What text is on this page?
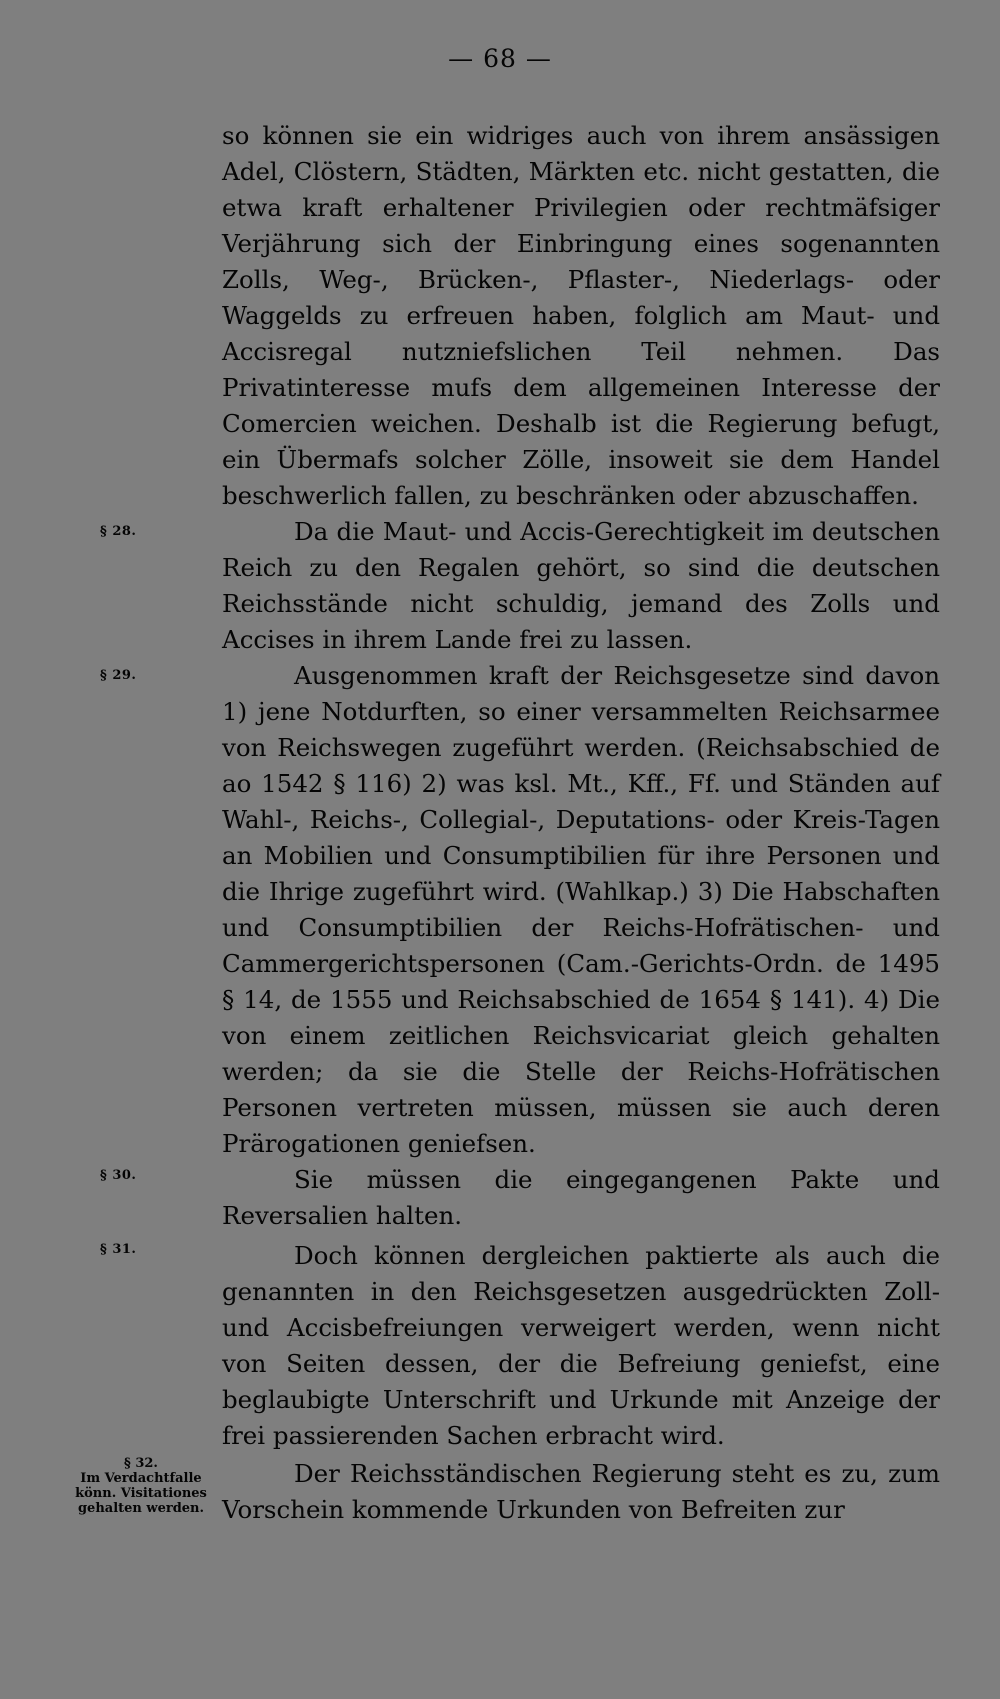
— 68 —

so können sie ein widriges auch von ihrem ansässigen Adel, Clöstern, Städten, Märkten etc. nicht gestatten, die etwa kraft erhaltener Privilegien oder rechtmäfsiger Verjährung sich der Einbringung eines sogenannten Zolls, Weg-, Brücken-, Pflaster-, Niederlags- oder Waggelds zu erfreuen haben, folglich am Maut- und Accisregal nutzniefslichen Teil nehmen. Das Privatinteresse mufs dem allgemeinen Interesse der Comercien weichen. Deshalb ist die Regierung befugt, ein Übermafs solcher Zölle, insoweit sie dem Handel beschwerlich fallen, zu beschränken oder abzuschaffen.

§ 28.	Da die Maut- und Accis-Gerechtigkeit im deutschen Reich zu den Regalen gehört, so sind die deutschen Reichsstände nicht schuldig, jemand des Zolls und Accises in ihrem Lande frei zu lassen.

§ 29.	Ausgenommen kraft der Reichsgesetze sind davon 1) jene Notdurften, so einer versammelten Reichsarmee von Reichswegen zugeführt werden. (Reichsabschied de ao 1542 § 116) 2) was ksl. Mt., Kff., Ff. und Ständen auf Wahl-, Reichs-, Collegial-, Deputations- oder Kreis-Tagen an Mobilien und Consumptibilien für ihre Personen und die Ihrige zugeführt wird. (Wahlkap.) 3) Die Habschaften und Consumptibilien der Reichs-Hofrätischen- und Cammergerichtspersonen (Cam.-Gerichts-Ordn. de 1495 § 14, de 1555 und Reichsabschied de 1654 § 141). 4) Die von einem zeitlichen Reichsvicariat gleich gehalten werden; da sie die Stelle der Reichs-Hofrätischen Personen vertreten müssen, müssen sie auch deren Prärogationen geniefsen.

§ 30.	Sie müssen die eingegangenen Pakte und Reversalien halten.

§ 31.	Doch können dergleichen paktierte als auch die genannten in den Reichsgesetzen ausgedrückten Zoll- und Accisbefreiungen verweigert werden, wenn nicht von Seiten dessen, der die Befreiung geniefst, eine beglaubigte Unterschrift und Urkunde mit Anzeige der frei passierenden Sachen erbracht wird.

§ 32.
Im Verdachtfalle könn. Visitationes gehalten werden.

Der Reichsständischen Regierung steht es zu, zum Vorschein kommende Urkunden von Befreiten zur
